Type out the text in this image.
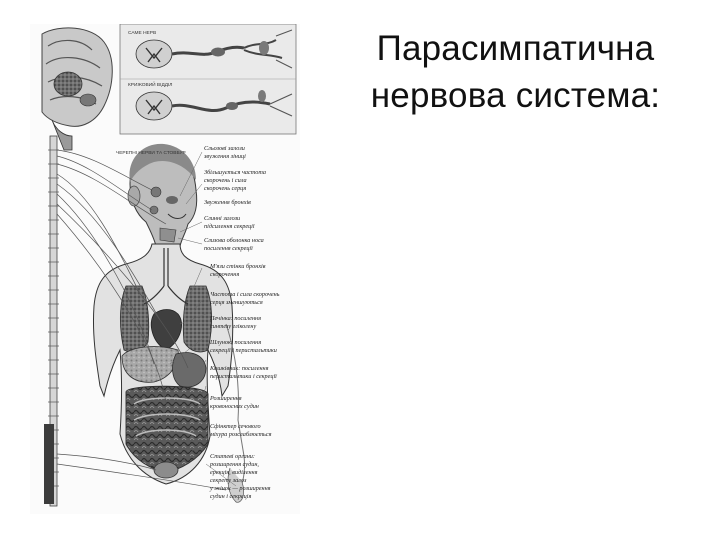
САМЕ НЕРВ
КРИЖОВИЙ ВІДДІЛ
ЧЕРЕПНІ НЕРВИ ТА СТОВБУР
Сльозові залози
звуження зіниці
Збільшується частота
скорочень і сила
скорочень серця
Звуження бронхів
Слинні залози
підсилення секреції
Слизова оболонка носа
посилення секреції
М'язи стінки бронхів
скорочення
Частота і сила скорочень
серця зменшуються
Печінка: посилення
синтезу глікогену
Шлунок: посилення
секреції і перистальтики
Кишківник: посилення
перистальтики і секреції
Розширення
кровоносних судин
Сфінктер сечового
міхура розслаблюється
Статеві органи:
розширення судин,
ерекція, виділення
секрету залоз
у жінок — розширення
судин і секреція
Парасимпатична
нервова система:
